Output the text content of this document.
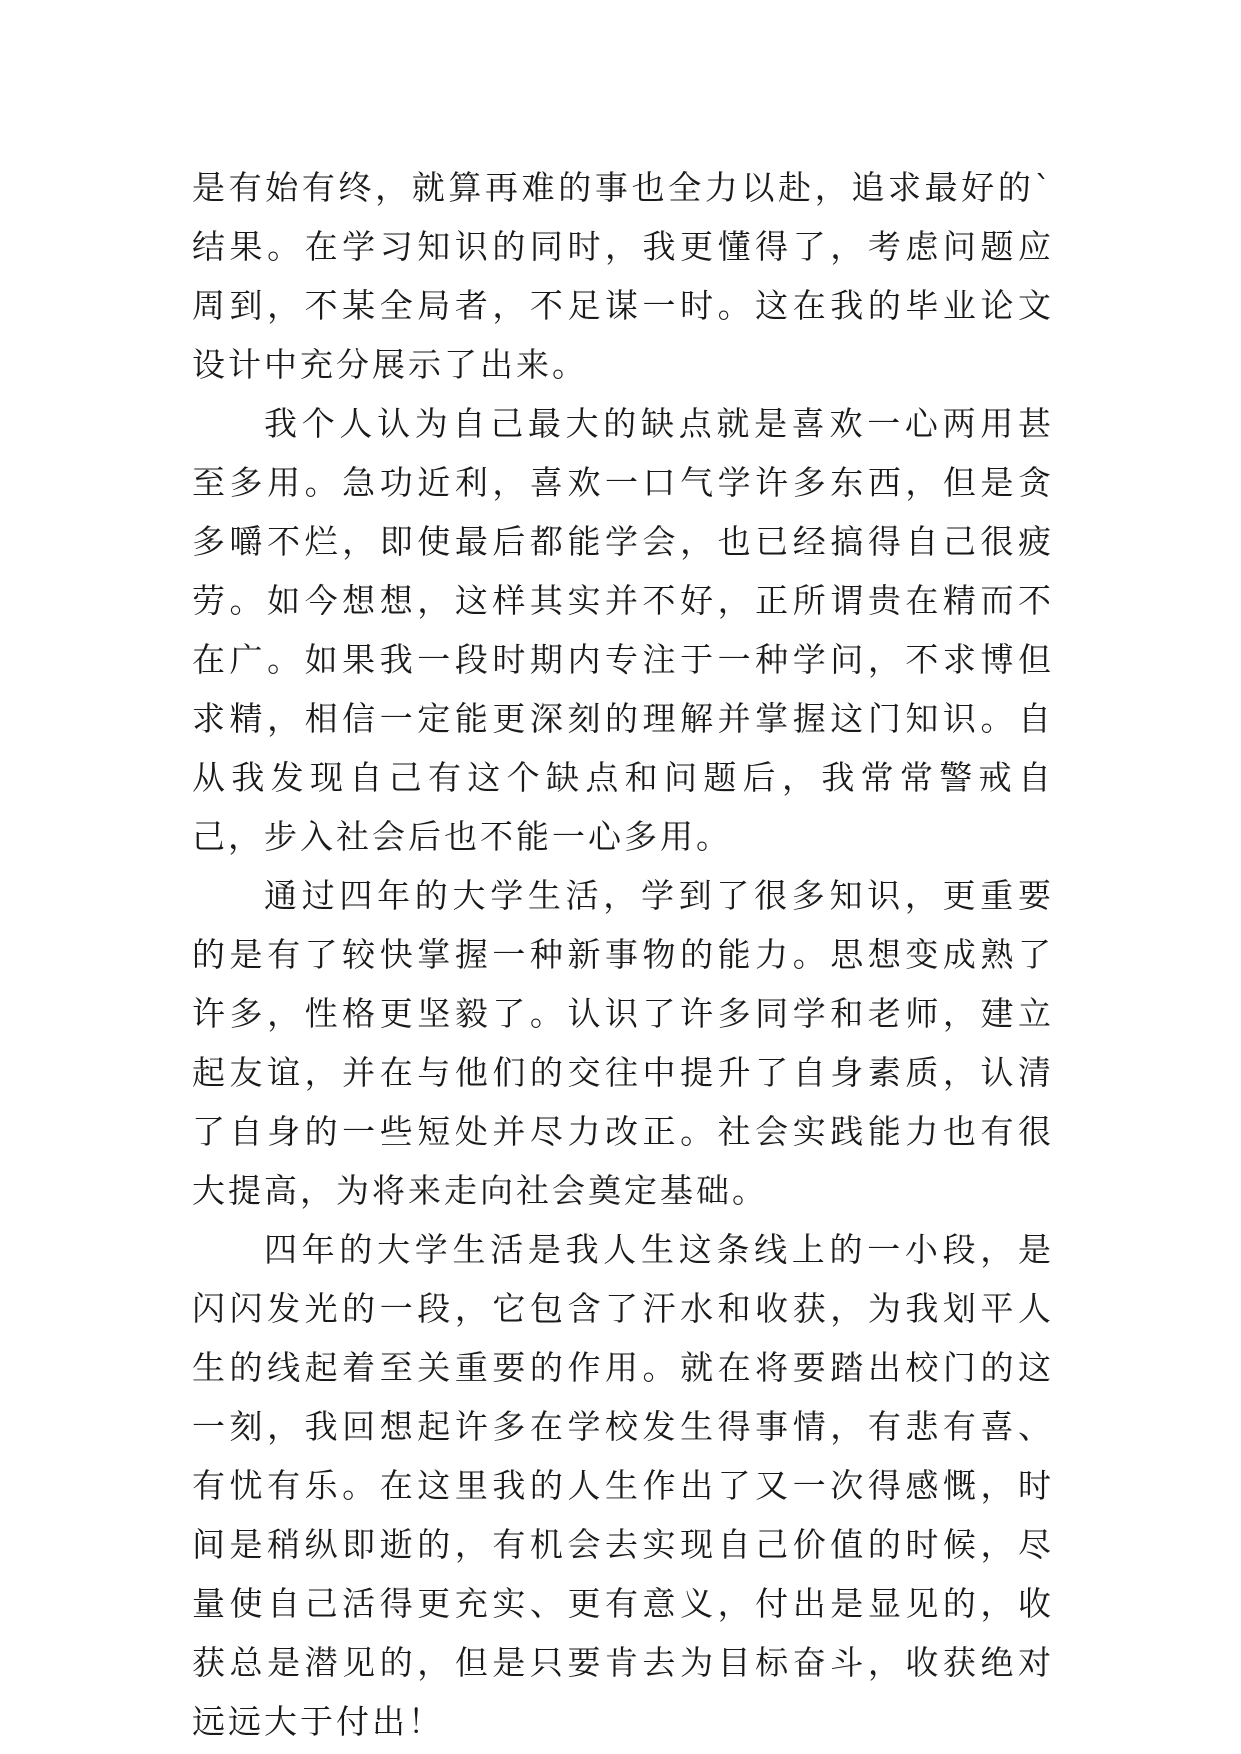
是有始有终，就算再难的事也全力以赴，追求最好的`结果。在学习知识的同时，我更懂得了，考虑问题应周到，不某全局者，不足谋一时。这在我的毕业论文设计中充分展示了出来。

我个人认为自己最大的缺点就是喜欢一心两用甚至多用。急功近利，喜欢一口气学许多东西，但是贪多嚼不烂，即使最后都能学会，也已经搞得自己很疲劳。如今想想，这样其实并不好，正所谓贵在精而不在广。如果我一段时期内专注于一种学问，不求博但求精，相信一定能更深刻的理解并掌握这门知识。自从我发现自己有这个缺点和问题后，我常常警戒自己，步入社会后也不能一心多用。

通过四年的大学生活，学到了很多知识，更重要的是有了较快掌握一种新事物的能力。思想变成熟了许多，性格更坚毅了。认识了许多同学和老师，建立起友谊，并在与他们的交往中提升了自身素质，认清了自身的一些短处并尽力改正。社会实践能力也有很大提高，为将来走向社会奠定基础。

四年的大学生活是我人生这条线上的一小段，是闪闪发光的一段，它包含了汗水和收获，为我划平人生的线起着至关重要的作用。就在将要踏出校门的这一刻，我回想起许多在学校发生得事情，有悲有喜、有忧有乐。在这里我的人生作出了又一次得感慨，时间是稍纵即逝的，有机会去实现自己价值的时候，尽量使自己活得更充实、更有意义，付出是显见的，收获总是潜见的，但是只要肯去为目标奋斗，收获绝对远远大于付出！
